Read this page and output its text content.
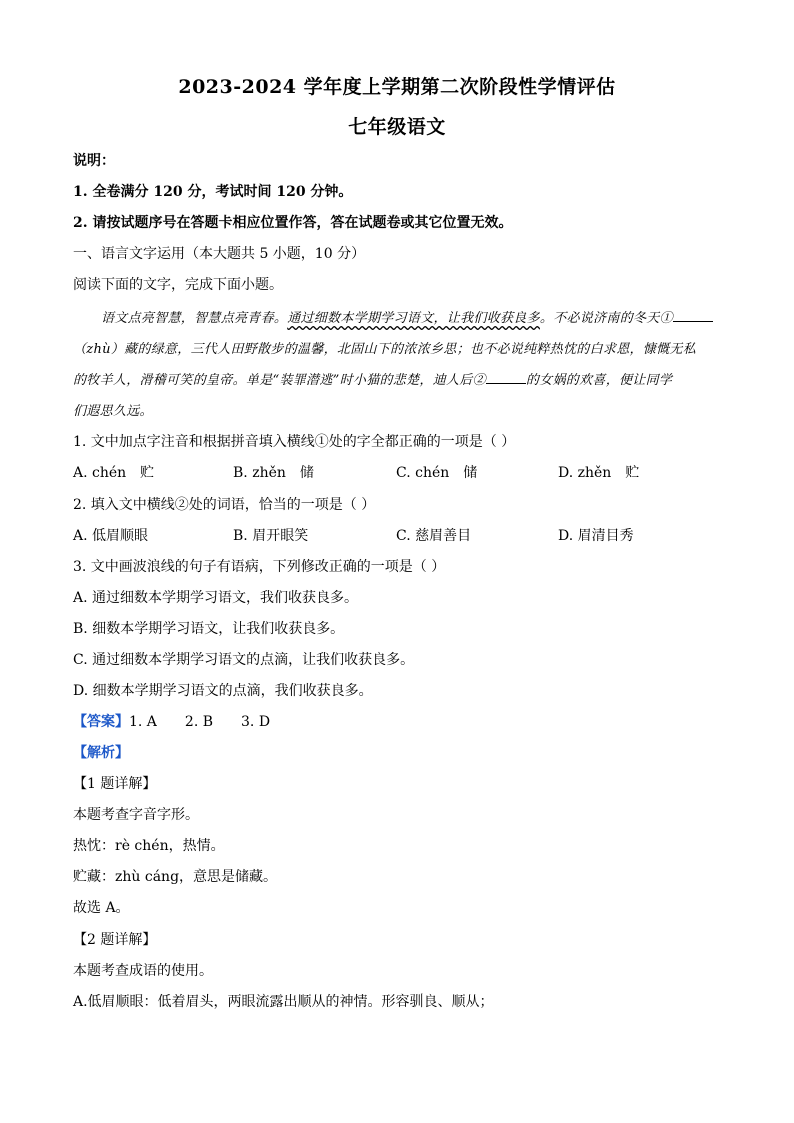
2023-2024 学年度上学期第二次阶段性学情评估
七年级语文
说明：
1. 全卷满分 120 分，考试时间 120 分钟。
2. 请按试题序号在答题卡相应位置作答，答在试题卷或其它位置无效。
一、语言文字运用（本大题共 5 小题，10 分）
阅读下面的文字，完成下面小题。
语文点亮智慧，智慧点亮青春。通过细数本学期学习语文，让我们收获良多。不必说济南的冬天①
（zhù）藏的绿意，三代人田野散步的温馨，北固山下的浓浓乡思；也不必说纯粹热忱的白求恩，慷慨无私
的牧羊人，滑稽可笑的皇帝。单是“装罪潜逃”时小猫的悲楚，迪人后②	的女娲的欢喜，便让同学
们遐思久远。
1. 文中加点字注音和根据拼音填入横线①处的字全都正确的一项是（ ）
A. chén　贮	B. zhěn　储	C. chén　储	D. zhěn　贮
2. 填入文中横线②处的词语，恰当的一项是（ ）
A. 低眉顺眼	B. 眉开眼笑	C. 慈眉善目	D. 眉清目秀
3. 文中画波浪线的句子有语病，下列修改正确的一项是（ ）
A. 通过细数本学期学习语文，我们收获良多。
B. 细数本学期学习语文，让我们收获良多。
C. 通过细数本学期学习语文的点滴，让我们收获良多。
D. 细数本学期学习语文的点滴，我们收获良多。
【答案】1. A　　2. B　　3. D
【解析】
【1 题详解】
本题考查字音字形。
热忱：rè chén，热情。
贮藏：zhù cáng，意思是储藏。
故选 A。
【2 题详解】
本题考查成语的使用。
A.低眉顺眼：低着眉头，两眼流露出顺从的神情。形容驯良、顺从；
